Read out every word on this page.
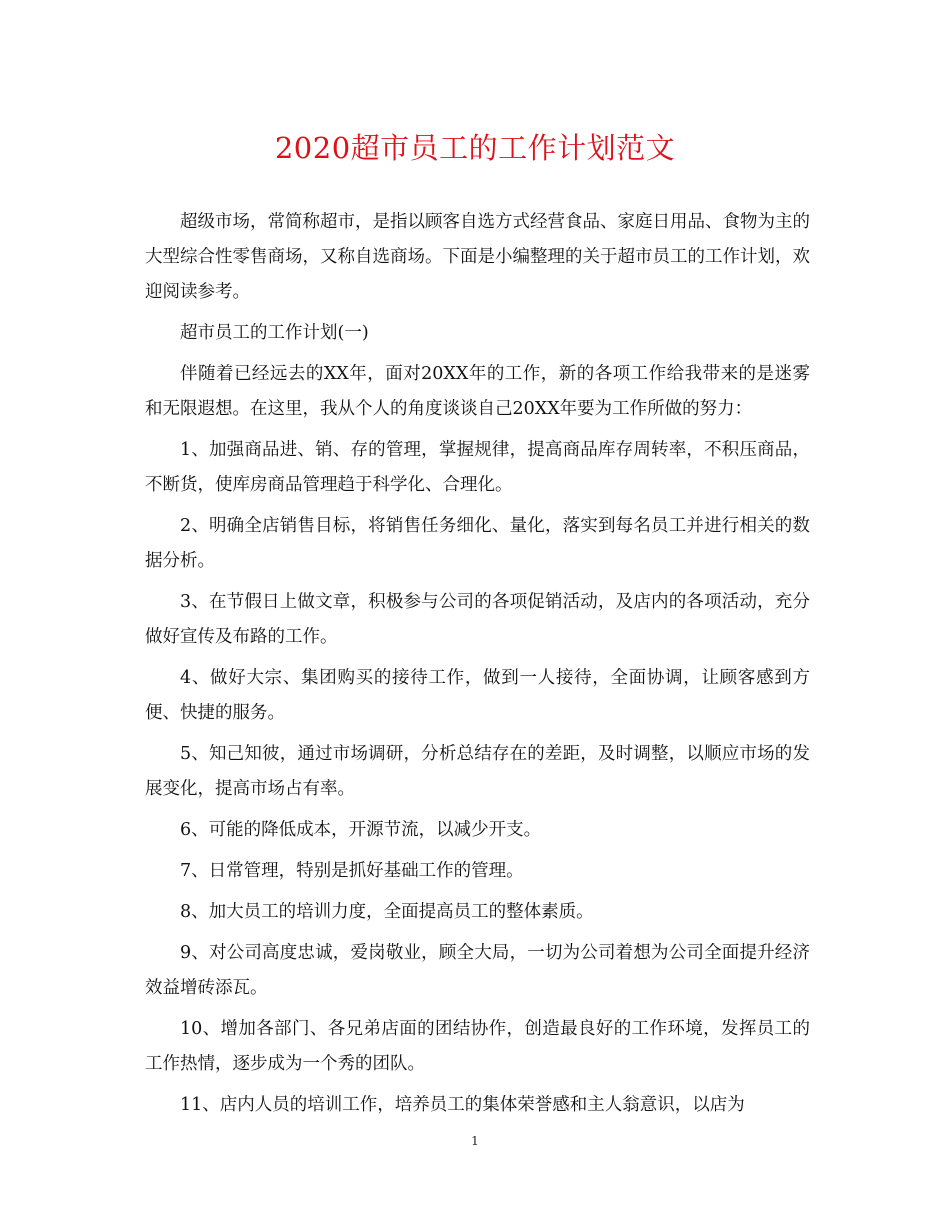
2020超市员工的工作计划范文

超级市场，常简称超市，是指以顾客自选方式经营食品、家庭日用品、食物为主的大型综合性零售商场，又称自选商场。下面是小编整理的关于超市员工的工作计划，欢迎阅读参考。

超市员工的工作计划(一)

伴随着已经远去的XX年，面对20XX年的工作，新的各项工作给我带来的是迷雾和无限遐想。在这里，我从个人的角度谈谈自己20XX年要为工作所做的努力：

1、加强商品进、销、存的管理，掌握规律，提高商品库存周转率，不积压商品，不断货，使库房商品管理趋于科学化、合理化。

2、明确全店销售目标，将销售任务细化、量化，落实到每名员工并进行相关的数据分析。

3、在节假日上做文章，积极参与公司的各项促销活动，及店内的各项活动，充分做好宣传及布路的工作。

4、做好大宗、集团购买的接待工作，做到一人接待，全面协调，让顾客感到方便、快捷的服务。

5、知己知彼，通过市场调研，分析总结存在的差距，及时调整，以顺应市场的发展变化，提高市场占有率。

6、可能的降低成本，开源节流，以减少开支。

7、日常管理，特别是抓好基础工作的管理。

8、加大员工的培训力度，全面提高员工的整体素质。

9、对公司高度忠诚，爱岗敬业，顾全大局，一切为公司着想为公司全面提升经济效益增砖添瓦。

10、增加各部门、各兄弟店面的团结协作，创造最良好的工作环境，发挥员工的工作热情，逐步成为一个秀的团队。

11、店内人员的培训工作，培养员工的集体荣誉感和主人翁意识，以店为

1
